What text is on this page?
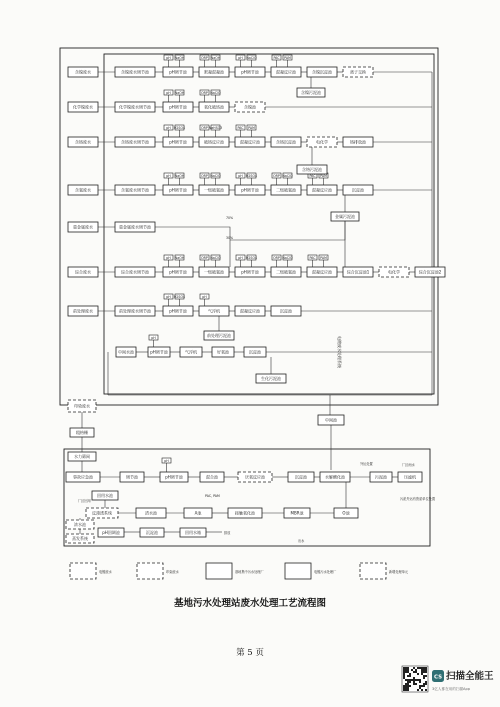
含镍废水	含镍废水调节池	pH调节池
pH NaOH
絮凝混凝池
ORP NaOH
pH调节池
pH NaClO
混凝反应池
PAC PAM
含镍沉淀池	离子交换
化学镍废水	化学镍废水调节池	pH调节池
pH NaOH
氧化破络池
ORP NaClO
含镍池
含铬废水	含铬废水调节池	pH调节池
pH H2SO4
破铬反应池
ORP NaHSO3
混凝反应池
PAC PAM
含铬沉淀池	电化学	铬排放池
含氰废水	含氰废水调节池	pH调节池
pH NaOH
一级破氰池
ORP NaClO
pH调节池
pH H2SO4
二级破氰池
ORP NaClO
混凝反应池
PAC PAM
沉淀池
重金属废水	重金属废水调节池
综合废水	综合废水调节池	pH调节池
pH NaOH
一级破氰池
ORP NaClO
pH调节池
pH H2SO4
二级破氰池
ORP NaClO
混凝反应池
PAC PAM
综合沉淀池1	电化学	综合沉淀池2
前处理废水	前处理废水调节池	pH调节池
pH H2SO4
气浮机
pH
混凝反应池	沉淀池
含铬污泥池
含镍污泥池
金属污泥池
前处理污泥池
70%
30%
中间水池	pH调节池
pH
气浮机	好氧池	沉淀池
生化污泥池
电镀废水处理系统
中间池
印染废水
粗格栅
水力筛网
事故应急池	调节池	pH调节池
pH
混合池
PAC, PAM
厌氧反应池	沉淀池	水解酸化池	污泥池	压滤机
污泥外运有资质单位处置
O池
MBR池
接触氧化池
A池
清水池
反渗透系统
回用水池
厂区回用
浓水池
蒸发系统
pH回调池	沉淀池	回用水箱	排放
出水
厂区雨水
外运处置
电镀废水	印染废水	基地集中污水处理厂	电镀污水处理厂	新增处理单元
基地污水处理站废水处理工艺流程图
第 5 页
CS 扫描全能王
3亿人都在用的扫描App
